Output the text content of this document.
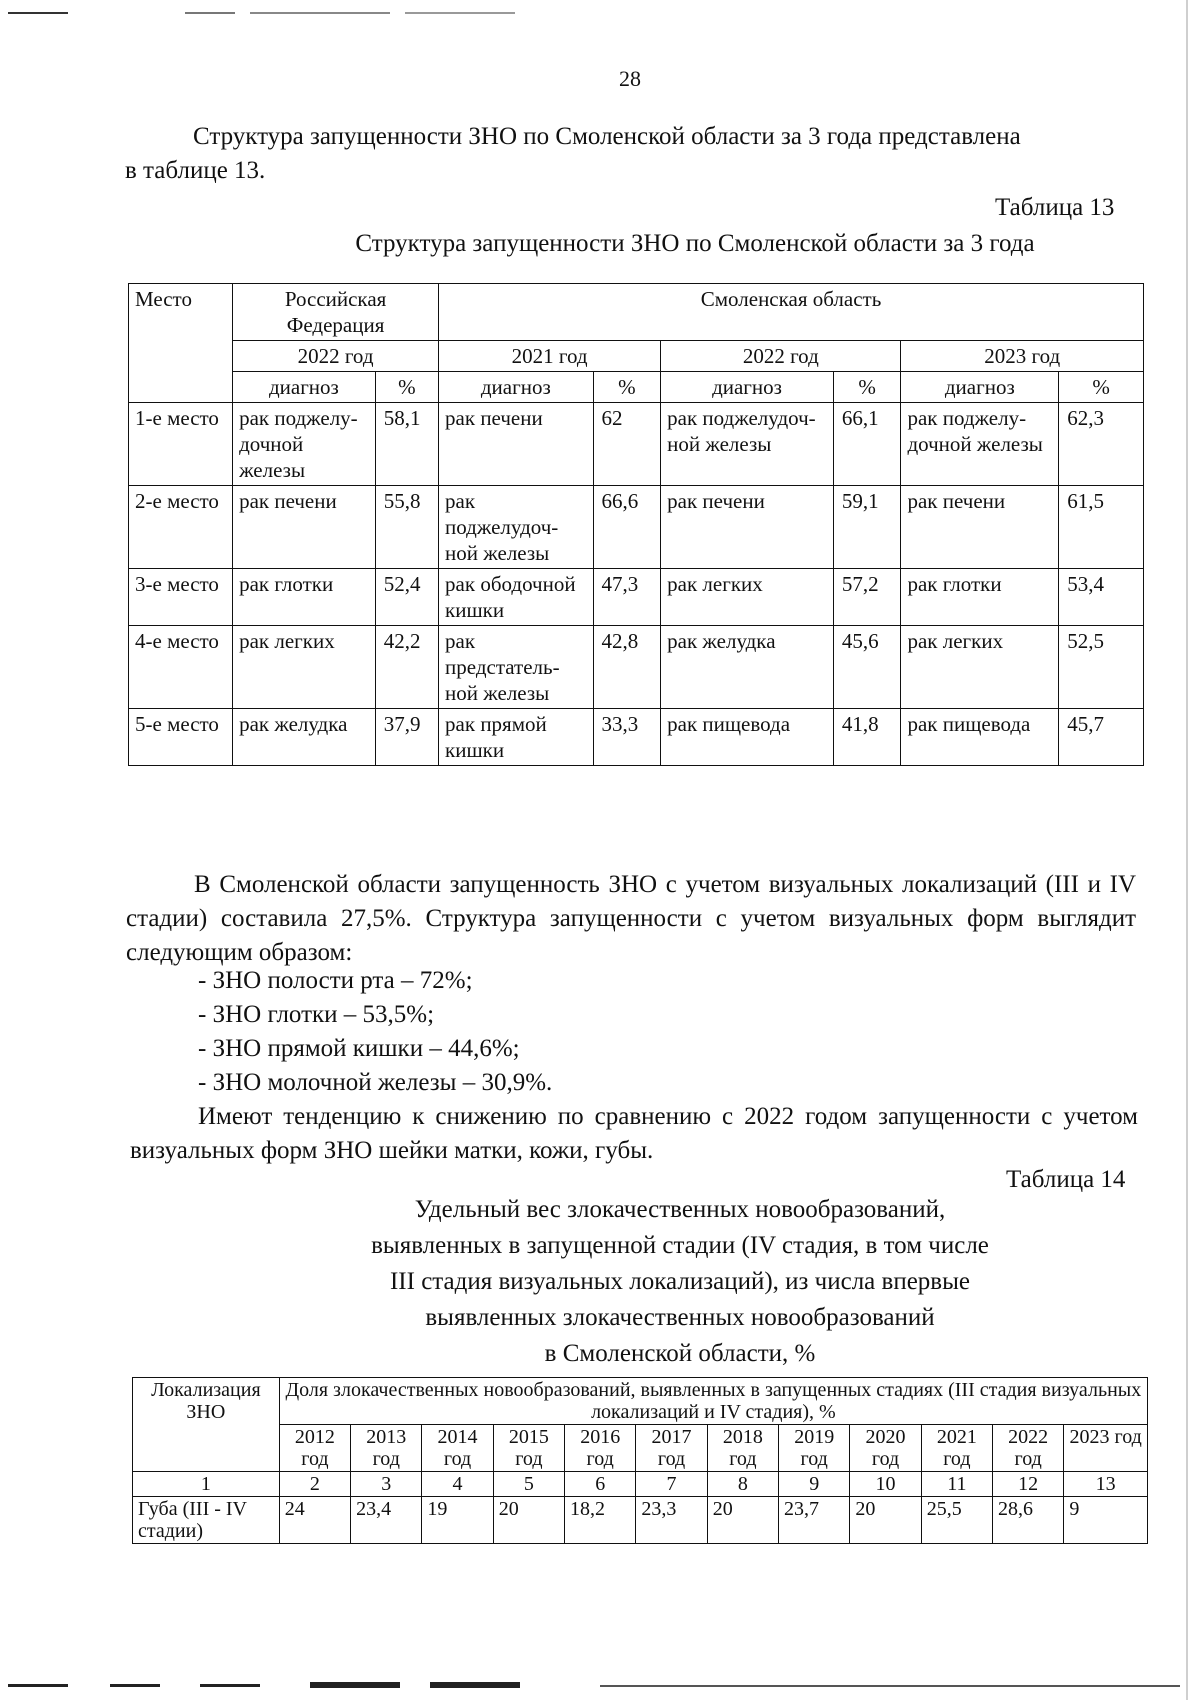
28
Структура запущенности ЗНО по Смоленской области за 3 года представлена
в таблице 13.
Таблица 13
Структура запущенности ЗНО по Смоленской области за 3 года
Место	Российская Федерация		Смоленская область					
	2022 год		2021 год		2022 год		2023 год	
	диагноз	%	диагноз	%	диагноз	%	диагноз	%
1-е место	рак поджелу-дочной железы	58,1	рак печени	62	рак поджелудоч-ной железы	66,1	рак поджелу-дочной железы	62,3
2-е место	рак печени	55,8	рак поджелудоч-ной железы	66,6	рак печени	59,1	рак печени	61,5
3-е место	рак глотки	52,4	рак ободочной кишки	47,3	рак легких	57,2	рак глотки	53,4
4-е место	рак легких	42,2	рак предстатель-ной железы	42,8	рак желудка	45,6	рак легких	52,5
5-е место	рак желудка	37,9	рак прямой кишки	33,3	рак пищевода	41,8	рак пищевода	45,7
В Смоленской области запущенность ЗНО с учетом визуальных локализаций (III и IV стадии) составила 27,5%. Структура запущенности с учетом визуальных форм выглядит следующим образом:
- ЗНО полости рта – 72%;
- ЗНО глотки – 53,5%;
- ЗНО прямой кишки – 44,6%;
- ЗНО молочной железы – 30,9%.
Имеют тенденцию к снижению по сравнению с 2022 годом запущенности с учетом визуальных форм ЗНО шейки матки, кожи, губы.
Таблица 14
Удельный вес злокачественных новообразований,
выявленных в запущенной стадии (IV стадия, в том числе
III стадия визуальных локализаций), из числа впервые
выявленных злокачественных новообразований
в Смоленской области, %
Локализация ЗНО	Доля злокачественных новообразований, выявленных в запущенных стадиях (III стадия визуальных локализаций и IV стадия), %											
	2012 год	2013 год	2014 год	2015 год	2016 год	2017 год	2018 год	2019 год	2020 год	2021 год	2022 год	2023 год
1	2	3	4	5	6	7	8	9	10	11	12	13
Губа (III - IV стадии)	24	23,4	19	20	18,2	23,3	20	23,7	20	25,5	28,6	9
